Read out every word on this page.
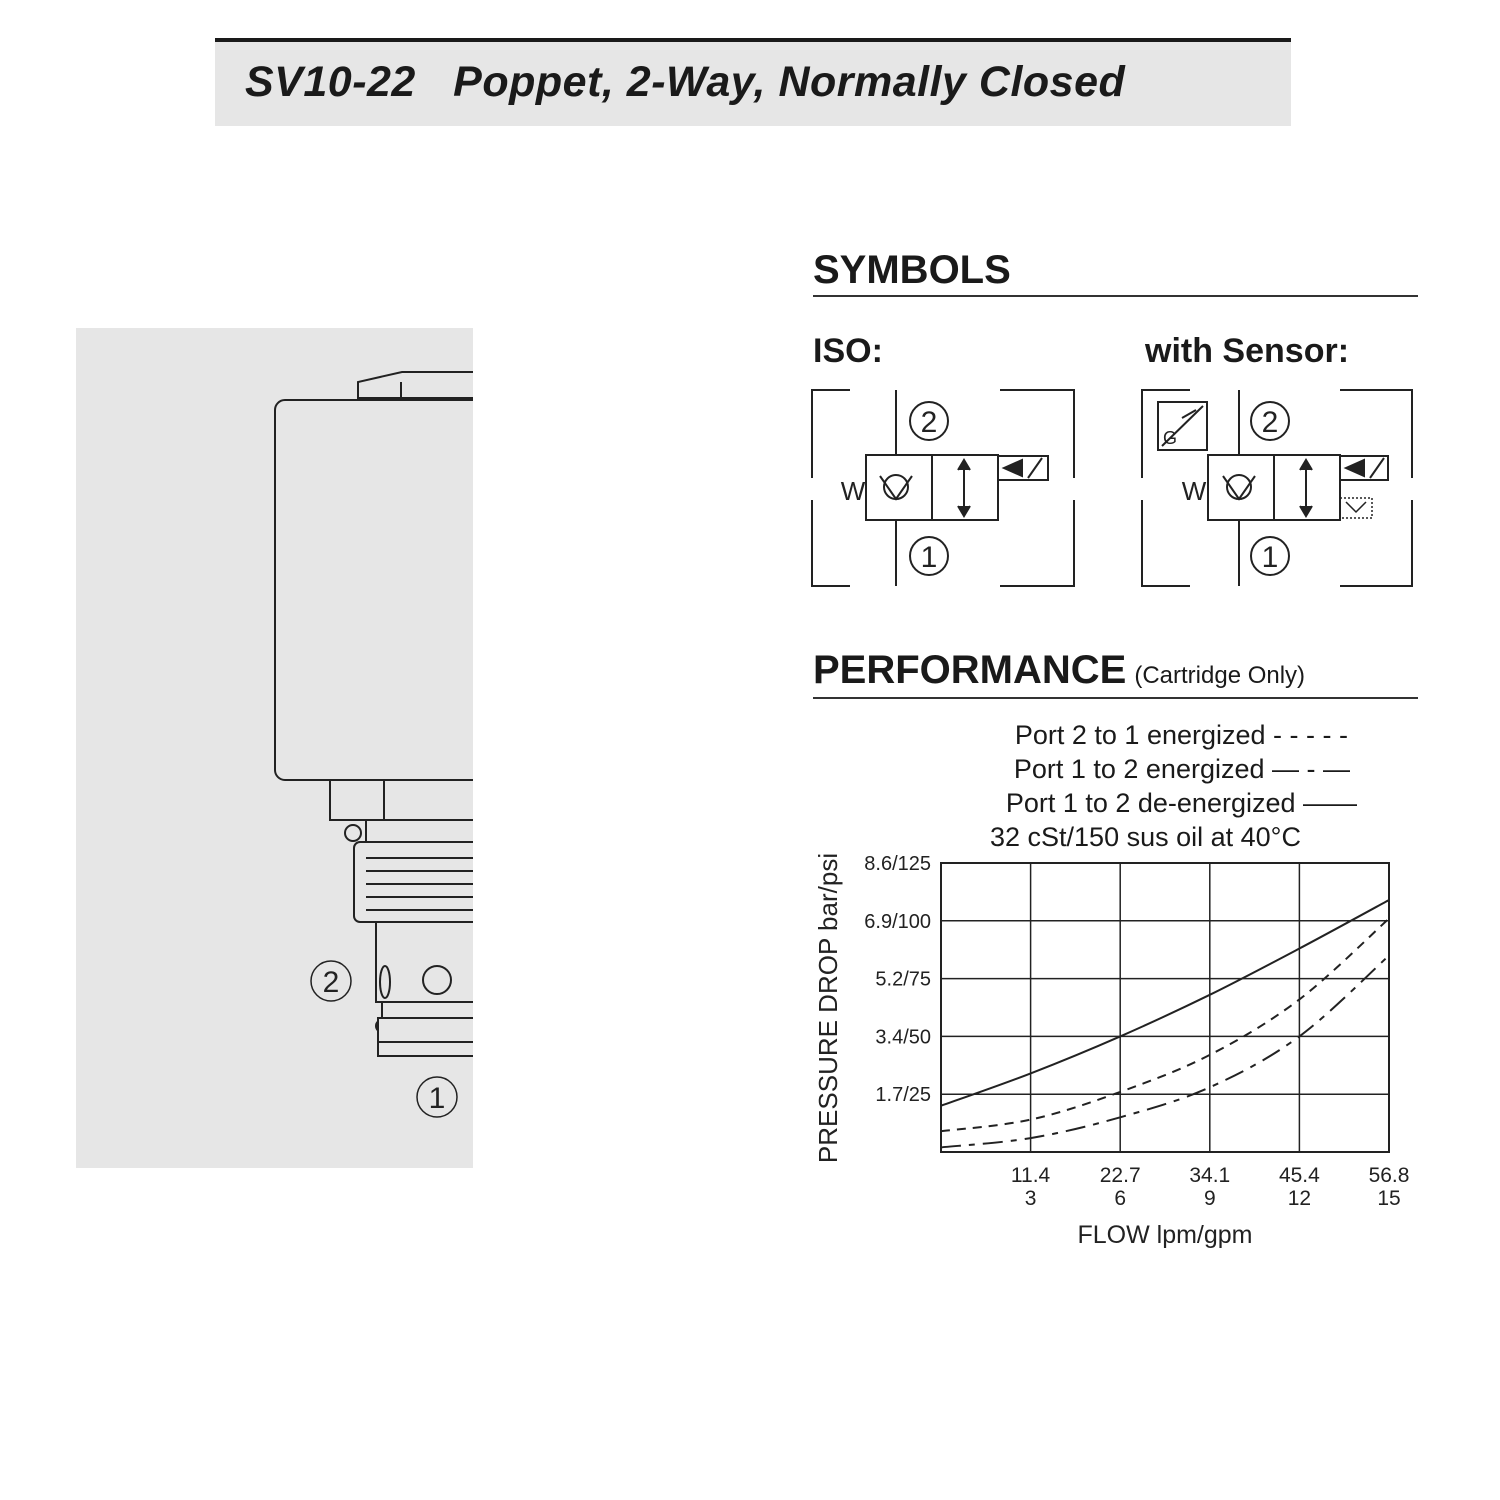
SV10-22   Poppet, 2-Way, Normally Closed
2
1
SYMBOLS
ISO:	with Sensor:
PERFORMANCE (Cartridge Only)
Port 2 to 1 energized - - - - -
Port 1 to 2 energized — - —
Port 1 to 2 de-energized ——
32 cSt/150 sus oil at 40°C
2
1
W
G	2
1
W
11.4
3
22.7
6
34.1
9
45.4
12
56.8
15
1.7/25
3.4/50
5.2/75
6.9/100
8.6/125
PRESSURE DROP bar/psi
FLOW lpm/gpm
